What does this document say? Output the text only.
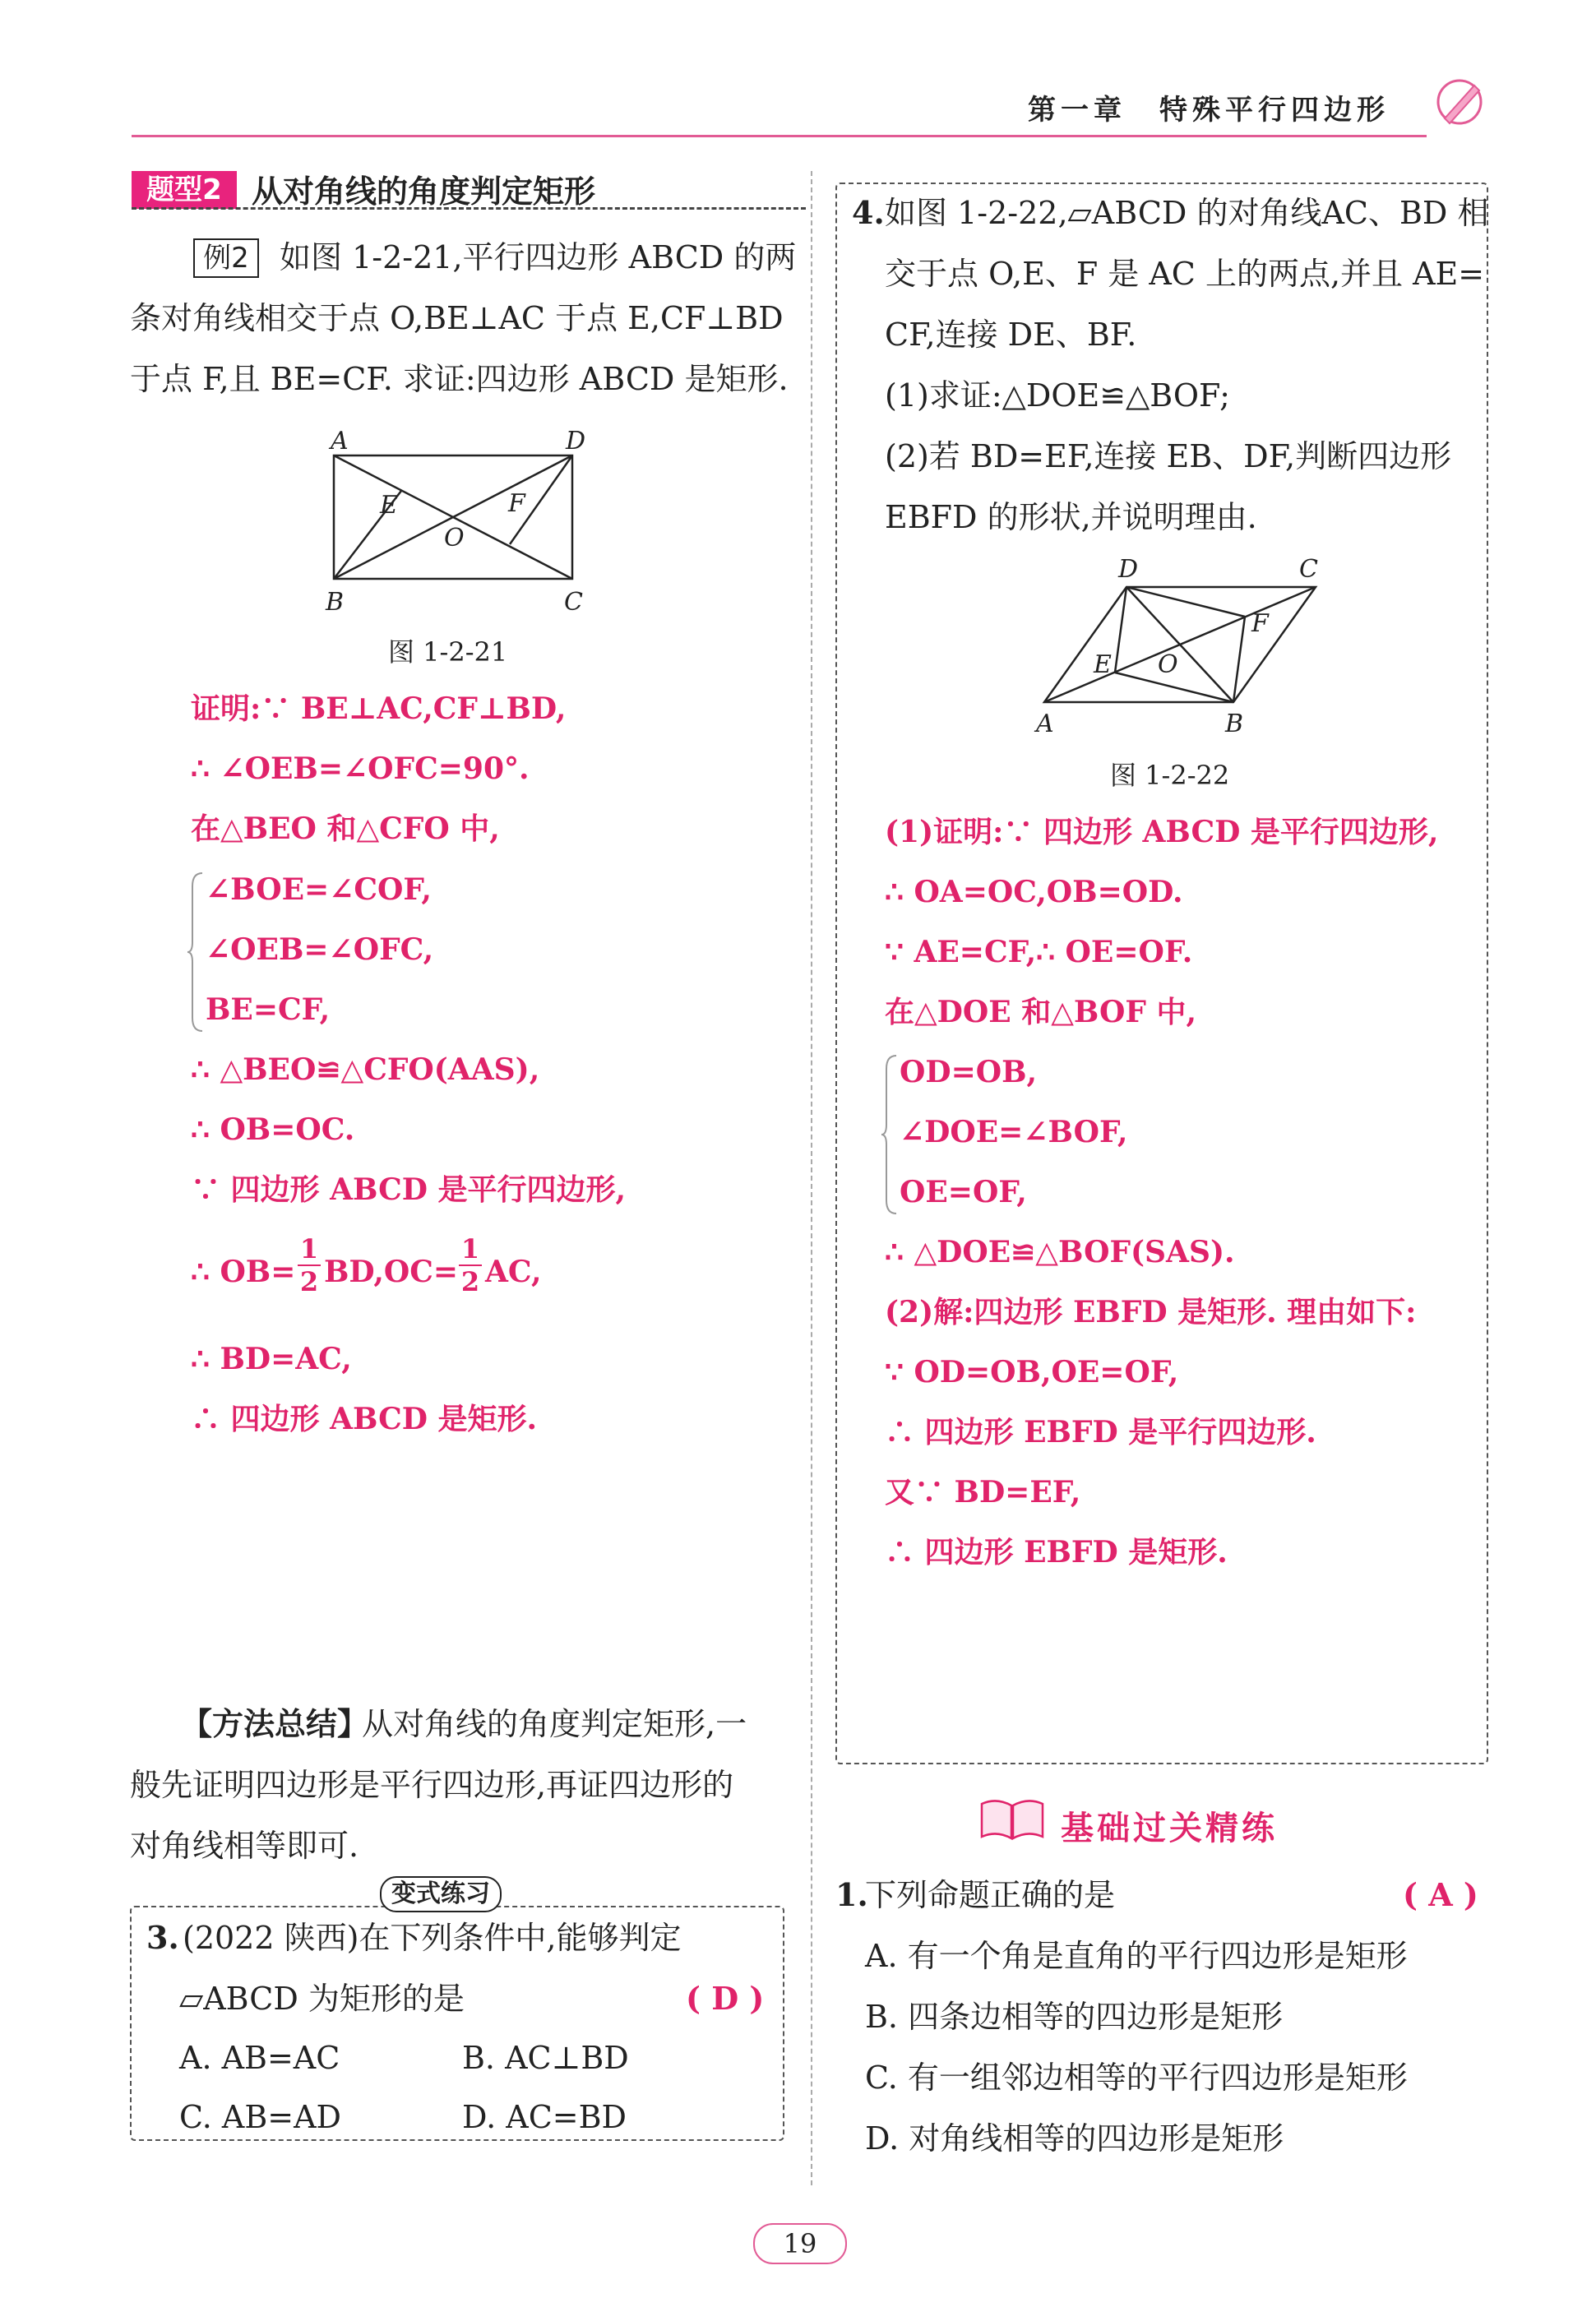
第一章　特殊平行四边形
题型2 从对角线的角度判定矩形
例2 如图 1-2-21,平行四边形 ABCD 的两
条对角线相交于点 O,BE⊥AC 于点 E,CF⊥BD
于点 F,且 BE=CF. 求证:四边形 ABCD 是矩形.
A	D
B	C
E	F
O
图 1-2-21
证明:∵ BE⊥AC,CF⊥BD,
∴ ∠OEB=∠OFC=90°.
在△BEO 和△CFO 中,
∠BOE=∠COF,
∠OEB=∠OFC,
BE=CF,
∴ △BEO≌△CFO(AAS),
∴ OB=OC.
∵ 四边形 ABCD 是平行四边形,
∴ $OB= \frac{1}{2} BD,OC= \frac{1}{2}$ AC,
∴ BD=AC,
∴ 四边形 ABCD 是矩形.
【方法总结】
从对角线的角度判定矩形,一
般先证明四边形是平行四边形,再证四边形的
对角线相等即可.
变式练习
3. (2022 陕西)在下列条件中,能够判定
▱ABCD 为矩形的是	( D )
A. AB=AC	B. AC⊥BD
C. AB=AD	D. AC=BD
4. 如图 1-2-22,▱ABCD 的对角线AC、BD 相
交于点 O,E、F 是 AC 上的两点,并且 AE=
CF,连接 DE、BF.
(1)求证:△DOE≌△BOF;
(2)若 BD=EF,连接 EB、DF,判断四边形
EBFD 的形状,并说明理由.
D	C
A	B
E
F
O
图 1-2-22
(1)证明:∵ 四边形 ABCD 是平行四边形,
∴ OA=OC,OB=OD.
∵ AE=CF,∴ OE=OF.
在△DOE 和△BOF 中,
OD=OB,
∠DOE=∠BOF,
OE=OF,
∴ △DOE≌△BOF(SAS).
(2)解:四边形 EBFD 是矩形. 理由如下:
∵ OD=OB,OE=OF,
∴ 四边形 EBFD 是平行四边形.
又∵ BD=EF,
∴ 四边形 EBFD 是矩形.
基础过关精练
1.
下列命题正确的是	( A )
A. 有一个角是直角的平行四边形是矩形
B. 四条边相等的四边形是矩形
C. 有一组邻边相等的平行四边形是矩形
D. 对角线相等的四边形是矩形
19
